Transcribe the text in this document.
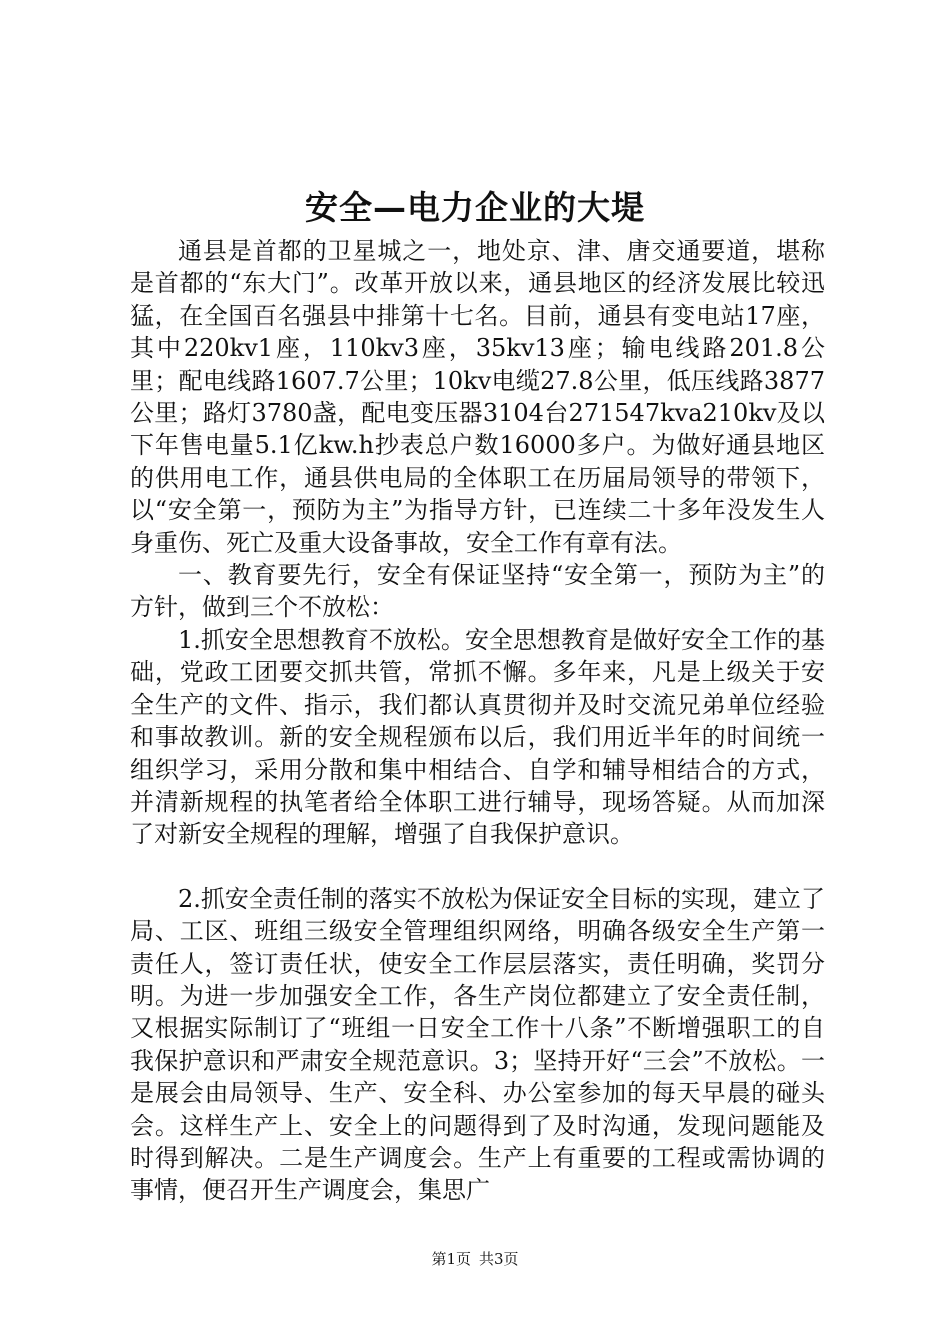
安全—电力企业的大堤

通县是首都的卫星城之一，地处京、津、唐交通要道，堪称是首都的“东大门”。改革开放以来，通县地区的经济发展比较迅猛，在全国百名强县中排第十七名。目前，通县有变电站17座，其中220kv1座，110kv3座，35kv13座；输电线路201.8公里；配电线路1607.7公里；10kv电缆27.8公里，低压线路3877公里；路灯3780盏，配电变压器3104台271547kva210kv及以下年售电量5.1亿kw.h抄表总户数16000多户。为做好通县地区的供用电工作，通县供电局的全体职工在历届局领导的带领下，以“安全第一，预防为主”为指导方针，已连续二十多年没发生人身重伤、死亡及重大设备事故，安全工作有章有法。

一、教育要先行，安全有保证坚持“安全第一，预防为主”的方针，做到三个不放松：

1.抓安全思想教育不放松。安全思想教育是做好安全工作的基础，党政工团要交抓共管，常抓不懈。多年来，凡是上级关于安全生产的文件、指示，我们都认真贯彻并及时交流兄弟单位经验和事故教训。新的安全规程颁布以后，我们用近半年的时间统一组织学习，采用分散和集中相结合、自学和辅导相结合的方式，并清新规程的执笔者给全体职工进行辅导，现场答疑。从而加深了对新安全规程的理解，增强了自我保护意识。

2.抓安全责任制的落实不放松为保证安全目标的实现，建立了局、工区、班组三级安全管理组织网络，明确各级安全生产第一责任人，签订责任状，使安全工作层层落实，责任明确，奖罚分明。为进一步加强安全工作，各生产岗位都建立了安全责任制，又根据实际制订了“班组一日安全工作十八条”不断增强职工的自我保护意识和严肃安全规范意识。3；坚持开好“三会”不放松。一是展会由局领导、生产、安全科、办公室参加的每天早晨的碰头会。这样生产上、安全上的问题得到了及时沟通，发现问题能及时得到解决。二是生产调度会。生产上有重要的工程或需协调的事情，便召开生产调度会，集思广

第1页 共3页
